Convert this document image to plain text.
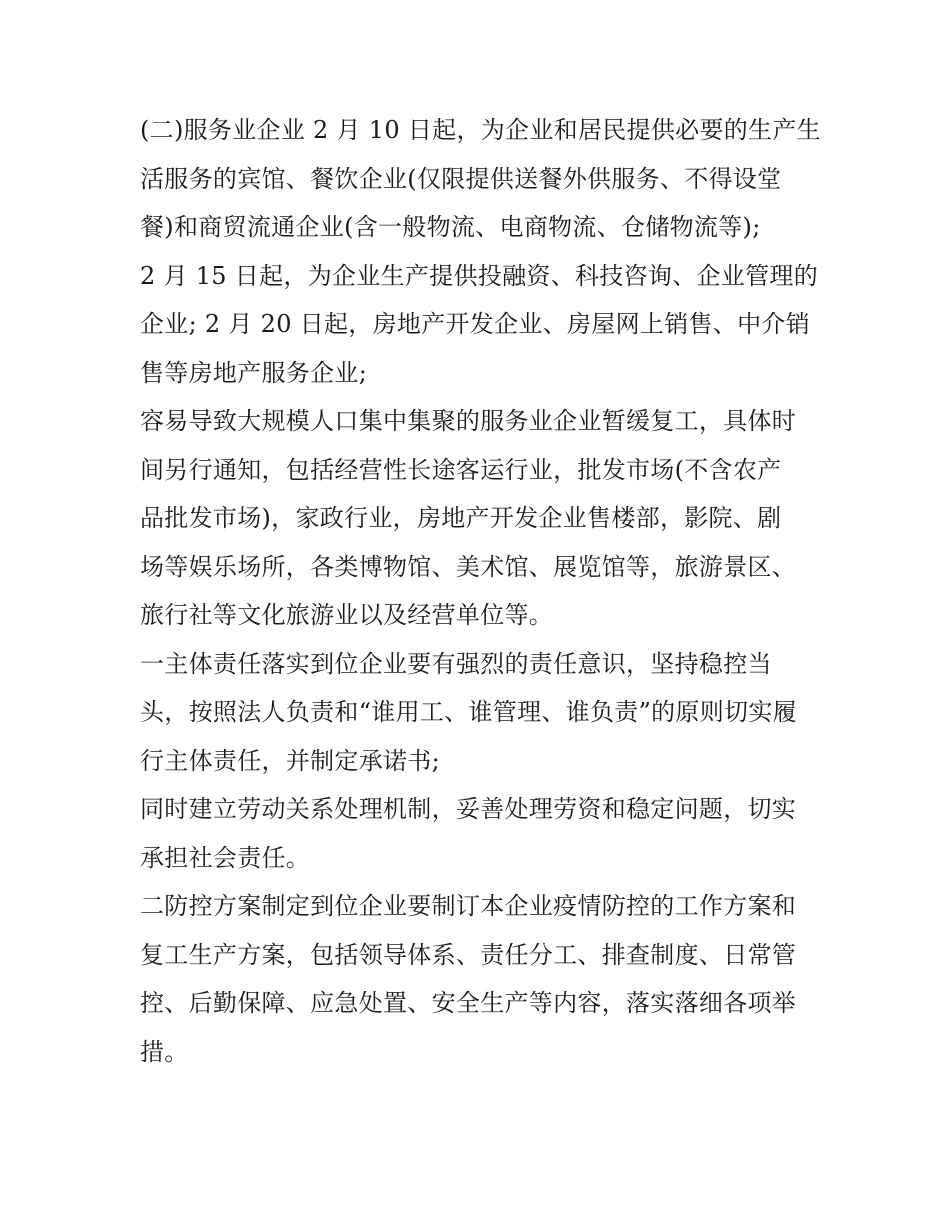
(二)服务业企业 2 月 10 日起，为企业和居民提供必要的生产生
活服务的宾馆、餐饮企业(仅限提供送餐外供服务、不得设堂
餐)和商贸流通企业(含一般物流、电商物流、仓储物流等);
2 月 15 日起，为企业生产提供投融资、科技咨询、企业管理的
企业; 2 月 20 日起，房地产开发企业、房屋网上销售、中介销
售等房地产服务企业;
容易导致大规模人口集中集聚的服务业企业暂缓复工，具体时
间另行通知，包括经营性长途客运行业，批发市场(不含农产
品批发市场)，家政行业，房地产开发企业售楼部，影院、剧
场等娱乐场所，各类博物馆、美术馆、展览馆等，旅游景区、
旅行社等文化旅游业以及经营单位等。
一主体责任落实到位企业要有强烈的责任意识，坚持稳控当
头，按照法人负责和“谁用工、谁管理、谁负责”的原则切实履
行主体责任，并制定承诺书;
同时建立劳动关系处理机制，妥善处理劳资和稳定问题，切实
承担社会责任。
二防控方案制定到位企业要制订本企业疫情防控的工作方案和
复工生产方案，包括领导体系、责任分工、排查制度、日常管
控、后勤保障、应急处置、安全生产等内容，落实落细各项举
措。
